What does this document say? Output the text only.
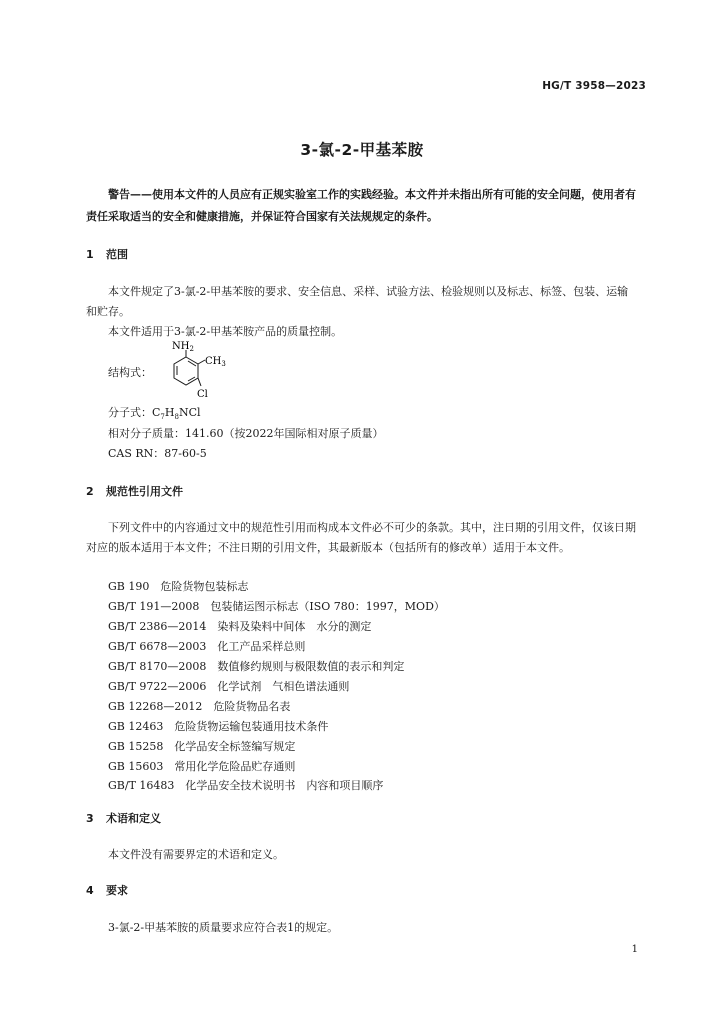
HG/T 3958—2023
3-氯-2-甲基苯胺
警告——使用本文件的人员应有正规实验室工作的实践经验。本文件并未指出所有可能的安全问题，使用者有责任采取适当的安全和健康措施，并保证符合国家有关法规规定的条件。
1 范围
本文件规定了3-氯-2-甲基苯胺的要求、安全信息、采样、试验方法、检验规则以及标志、标签、包装、运输和贮存。
本文件适用于3-氯-2-甲基苯胺产品的质量控制。
结构式：
$NH_2$
$CH_3$
Cl
分子式：$C_7H_8NCl$
相对分子质量：141.60（按2022年国际相对原子质量）
CAS RN：87-60-5
2 规范性引用文件
下列文件中的内容通过文中的规范性引用而构成本文件必不可少的条款。其中，注日期的引用文件，仅该日期对应的版本适用于本文件；不注日期的引用文件，其最新版本（包括所有的修改单）适用于本文件。
GB 190　 危险货物包装标志
GB/T 191—2008　 包装储运图示标志（ISO 780：1997，MOD）
GB/T 2386—2014　 染料及染料中间体　水分的测定
GB/T 6678—2003　 化工产品采样总则
GB/T 8170—2008　 数值修约规则与极限数值的表示和判定
GB/T 9722—2006　 化学试剂　气相色谱法通则
GB 12268—2012　 危险货物品名表
GB 12463　 危险货物运输包装通用技术条件
GB 15258　 化学品安全标签编写规定
GB 15603　 常用化学危险品贮存通则
GB/T 16483　 化学品安全技术说明书　内容和项目顺序
3 术语和定义
本文件没有需要界定的术语和定义。
4 要求
3-氯-2-甲基苯胺的质量要求应符合表1的规定。
1
